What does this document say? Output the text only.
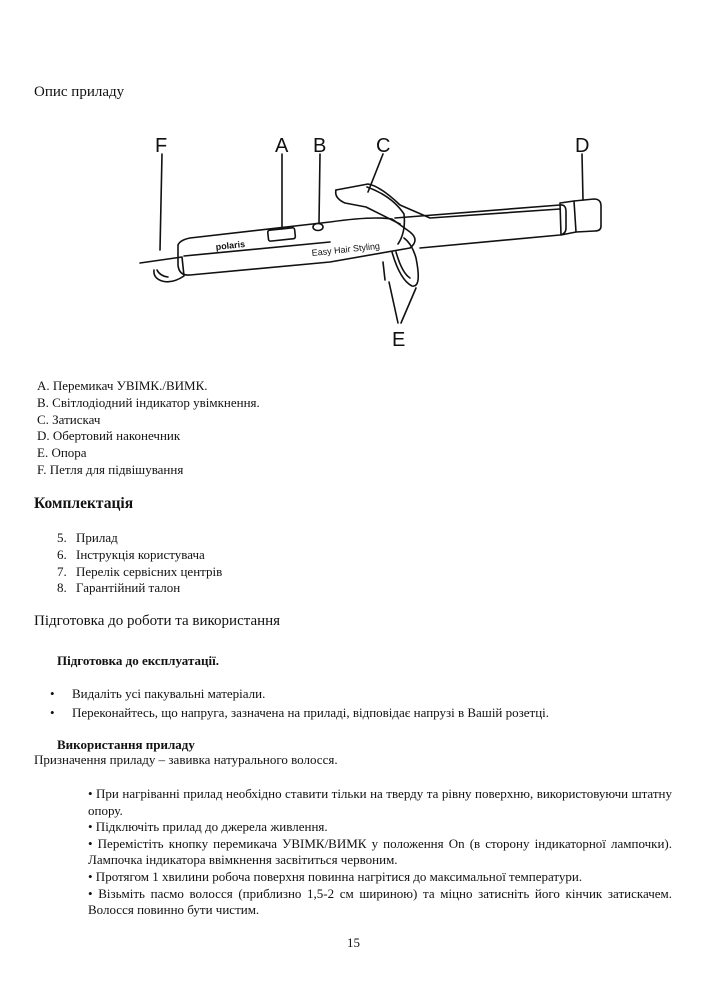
Опис приладу
F	A B C	D
E
polaris	Easy Hair Styling
A. Перемикач УВІМК./ВИМК.
B. Світлодіодний індикатор увімкнення.
C. Затискач
D. Обертовий наконечник
E. Опора
F. Петля для підвішування
Комплектація
5. Прилад
6. Інструкція користувача
7. Перелік сервісних центрів
8. Гарантійний талон
Підготовка до роботи та використання
Підготовка до експлуатації.
•	Видаліть усі пакувальні матеріали.
•	Переконайтесь, що напруга, зазначена на приладі, відповідає напрузі в Вашій розетці.
Використання приладу
Призначення приладу – завивка натурального волосся.

• При нагріванні прилад необхідно ставити тільки на тверду та рівну поверхню, використовуючи штатну опору.

• Підключіть прилад до джерела живлення.

• Перемістіть кнопку перемикача УВІМК/ВИМК у положення On (в сторону індикаторної лампочки). Лампочка індикатора ввімкнення засвітиться червоним.

• Протягом 1 хвилини робоча поверхня повинна нагрітися до максимальної температури.

• Візьміть пасмо волосся (приблизно 1,5-2 см шириною) та міцно затисніть його кінчик затискачем. Волосся повинно бути чистим.

15
